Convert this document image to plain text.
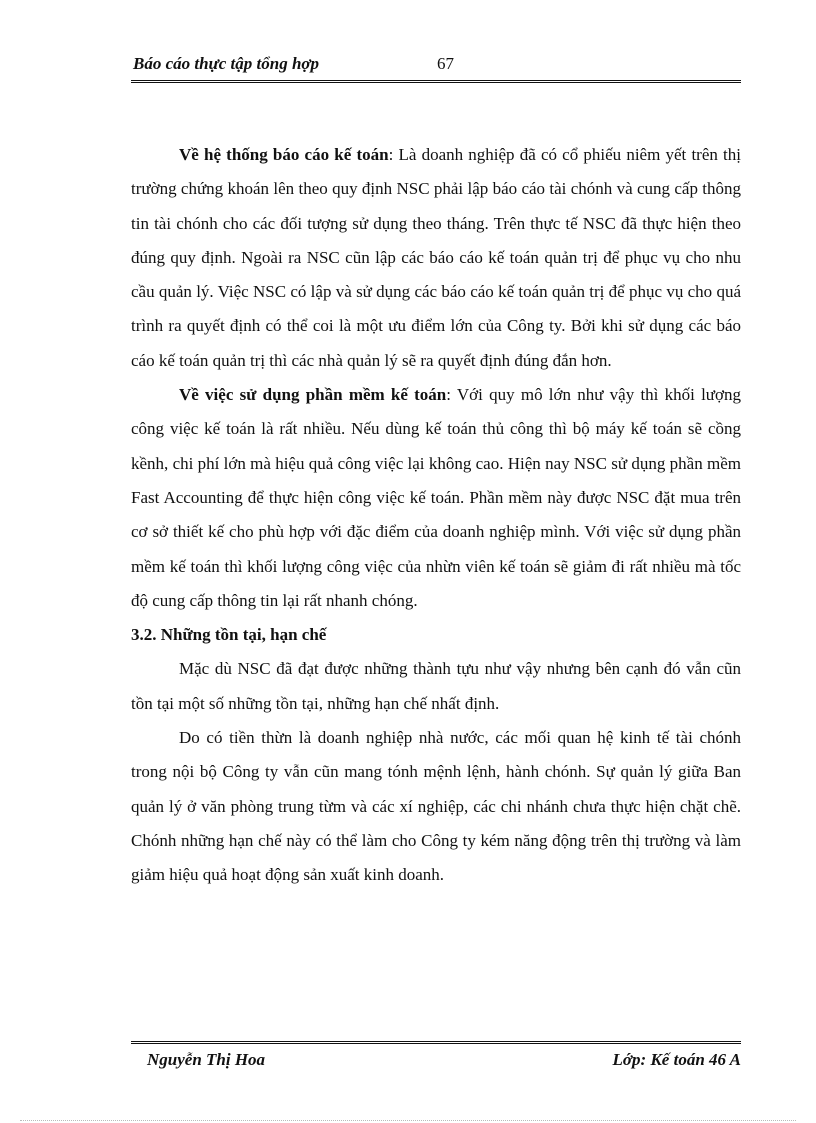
Báo cáo thực tập tổng hợp	67

Về hệ thống báo cáo kế toán: Là doanh nghiệp đã có cổ phiếu niêm yết trên thị trường chứng khoán lên theo quy định NSC phải lập báo cáo tài chónh và cung cấp thông tin tài chónh cho các đối tượng sử dụng theo tháng. Trên thực tế NSC đã thực hiện theo đúng quy định. Ngoài ra NSC cũn lập các báo cáo kế toán quản trị để phục vụ cho nhu cầu quản lý. Việc NSC có lập và sử dụng các báo cáo kế toán quản trị để phục vụ cho quá trình ra quyết định có thể coi là một ưu điểm lớn của Công ty. Bởi khi sử dụng các báo cáo kế toán quản trị thì các nhà quản lý sẽ ra quyết định đúng đắn hơn.

Về việc sử dụng phần mềm kế toán: Với quy mô lớn như vậy thì khối lượng công việc kế toán là rất nhiều. Nếu dùng kế toán thủ công thì bộ máy kế toán sẽ cồng kềnh, chi phí lớn mà hiệu quả công việc lại không cao. Hiện nay NSC sử dụng phần mềm Fast Accounting để thực hiện công việc kế toán. Phần mềm này được NSC đặt mua trên cơ sở thiết kế cho phù hợp với đặc điểm của doanh nghiệp mình. Với việc sử dụng phần mềm kế toán thì khối lượng công việc của nhừn viên kế toán sẽ giảm đi rất nhiều mà tốc độ cung cấp thông tin lại rất nhanh chóng.

3.2. Những tồn tại, hạn chế

Mặc dù NSC đã đạt được những thành tựu như vậy nhưng bên cạnh đó vẫn cũn tồn tại một số những tồn tại, những hạn chế nhất định.

Do có tiền thừn là doanh nghiệp nhà nước, các mối quan hệ kinh tế tài chónh trong nội bộ Công ty vẫn cũn mang tónh mệnh lệnh, hành chónh. Sự quản lý giữa Ban quản lý ở văn phòng trung từm và các xí nghiệp, các chi nhánh chưa thực hiện chặt chẽ. Chónh những hạn chế này có thể làm cho Công ty kém năng động trên thị trường và làm giảm hiệu quả hoạt động sản xuất kinh doanh.

Nguyễn Thị Hoa	Lớp: Kế toán 46 A
